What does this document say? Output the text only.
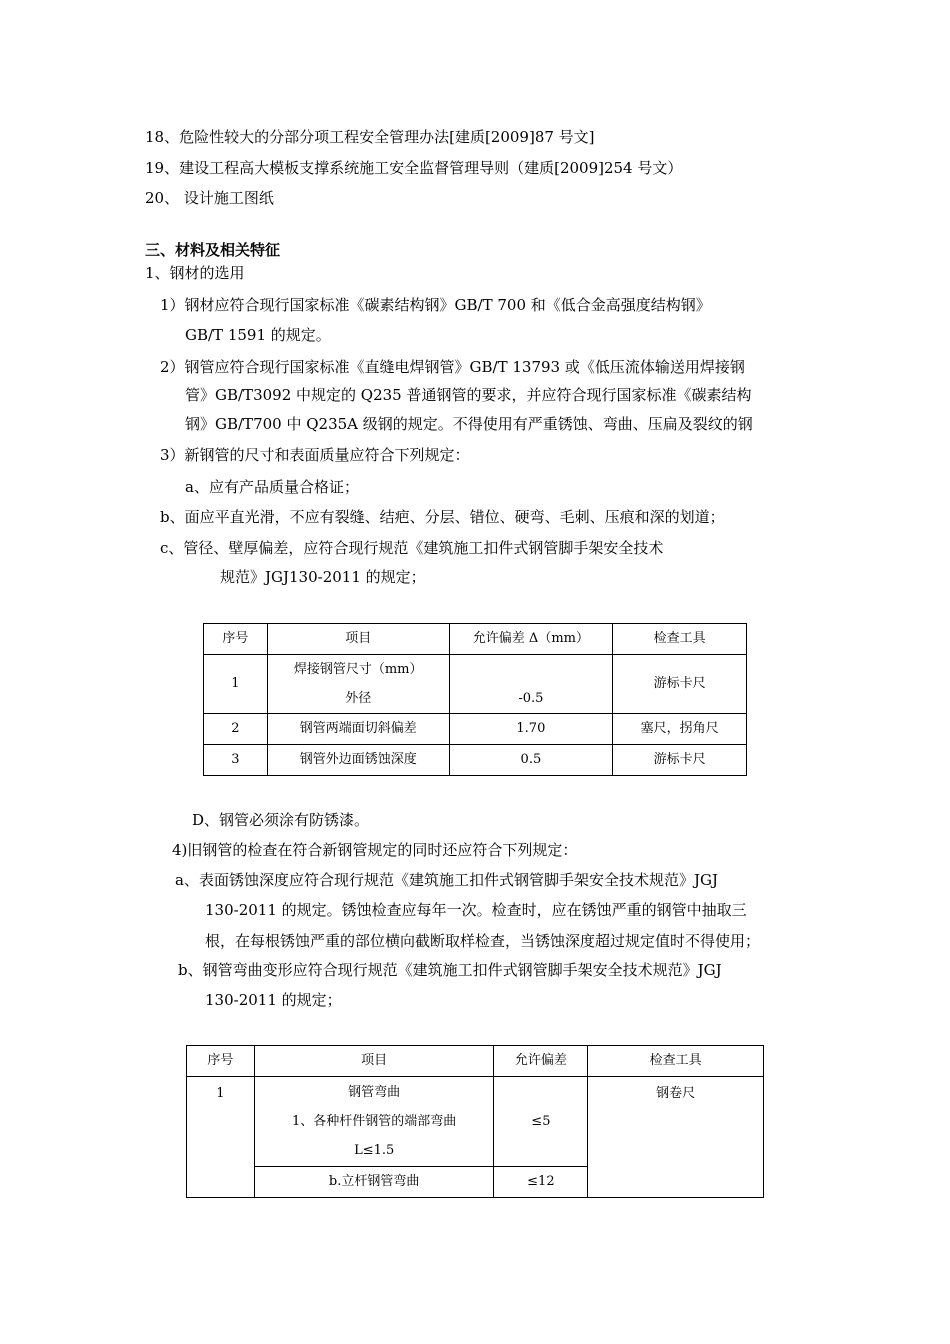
18、危险性较大的分部分项工程安全管理办法[建质[2009]87 号文]
19、建设工程高大模板支撑系统施工安全监督管理导则（建质[2009]254 号文）
20、 设计施工图纸
三、材料及相关特征
1、钢材的选用
1）钢材应符合现行国家标准《碳素结构钢》GB/T 700 和《低合金高强度结构钢》
GB/T 1591 的规定。
2）钢管应符合现行国家标准《直缝电焊钢管》GB/T 13793 或《低压流体输送用焊接钢
管》GB/T3092 中规定的 Q235 普通钢管的要求，并应符合现行国家标准《碳素结构
钢》GB/T700 中 Q235A 级钢的规定。不得使用有严重锈蚀、弯曲、压扁及裂纹的钢
3）新钢管的尺寸和表面质量应符合下列规定：
a、应有产品质量合格证；
b、面应平直光滑，不应有裂缝、结疤、分层、错位、硬弯、毛刺、压痕和深的划道；
c、管径、壁厚偏差，应符合现行规范《建筑施工扣件式钢管脚手架安全技术
规范》JGJ130-2011 的规定；
序号	项目	允许偏差 Δ（mm）	检查工具
1	焊接钢管尺寸（mm）
外径	-0.5	游标卡尺
2	钢管两端面切斜偏差	1.70	塞尺，拐角尺
3	钢管外边面锈蚀深度	0.5	游标卡尺
D、钢管必须涂有防锈漆。
4)旧钢管的检查在符合新钢管规定的同时还应符合下列规定：
a、表面锈蚀深度应符合现行规范《建筑施工扣件式钢管脚手架安全技术规范》JGJ
130-2011 的规定。锈蚀检查应每年一次。检查时，应在锈蚀严重的钢管中抽取三
根，在每根锈蚀严重的部位横向截断取样检查，当锈蚀深度超过规定值时不得使用；
b、钢管弯曲变形应符合现行规范《建筑施工扣件式钢管脚手架安全技术规范》JGJ
130-2011 的规定；
序号	项目	允许偏差	检查工具
1	钢管弯曲
1、各种杆件钢管的端部弯曲
L≤1.5	≤5	钢卷尺
	b.立杆钢管弯曲	≤12	
